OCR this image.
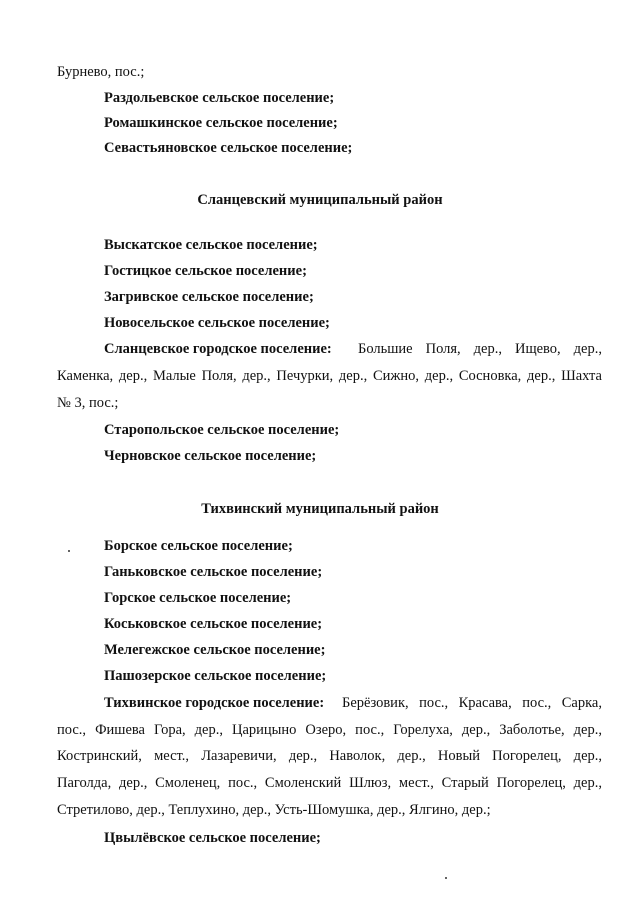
Бурнево, пос.;
Раздольевское сельское поселение;
Ромашкинское сельское поселение;
Севастьяновское сельское поселение;
Сланцевский муниципальный район
Выскатское сельское поселение;
Гостицкое сельское поселение;
Загривское сельское поселение;
Новосельское сельское поселение;
Сланцевское городское поселение: Большие Поля, дер., Ищево, дер.,
Каменка, дер., Малые Поля, дер., Печурки, дер., Сижно, дер., Сосновка, дер., Шахта
№ 3, пос.;
Старопольское сельское поселение;
Черновское сельское поселение;
Тихвинский муниципальный район
Борское сельское поселение;
Ганьковское сельское поселение;
Горское сельское поселение;
Коськовское сельское поселение;
Мелегежское сельское поселение;
Пашозерское сельское поселение;
Тихвинское городское поселение: Берёзовик, пос., Красава, пос., Сарка,
пос., Фишева Гора, дер., Царицыно Озеро, пос., Горелуха, дер., Заболотье, дер.,
Костринский, мест., Лазаревичи, дер., Наволок, дер., Новый Погорелец, дер.,
Паголда, дер., Смоленец, пос., Смоленский Шлюз, мест., Старый Погорелец, дер.,
Стретилово, дер., Теплухино, дер., Усть-Шомушка, дер., Ялгино, дер.;
Цвылёвское сельское поселение;
